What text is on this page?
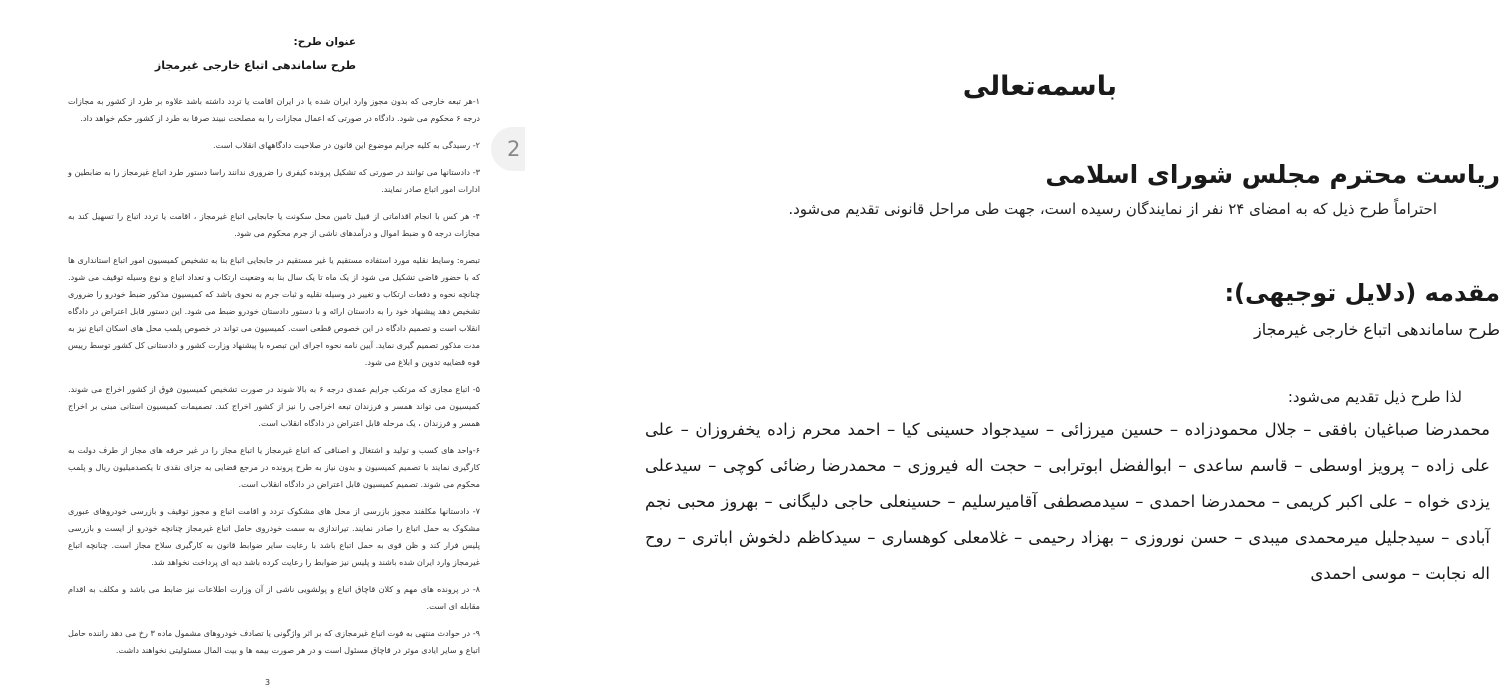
عنوان طرح:
طرح ساماندهی اتباع خارجی غیرمجاز

۱-هر تبعه خارجی که بدون مجوز وارد ایران شده یا در ایران اقامت یا تردد داشته باشد علاوه بر طرد از کشور به مجازات درجه ۶ محکوم می شود. دادگاه در صورتی که اعمال مجازات را به مصلحت نبیند صرفا به طرد از کشور حکم خواهد داد.

۲- رسیدگی به کلیه جرایم موضوع این قانون در صلاحیت دادگاههای انقلاب است.

۳- دادستانها می توانند در صورتی که تشکیل پرونده کیفری را ضروری ندانند راسا دستور طرد اتباع غیرمجاز را به ضابطین و ادارات امور اتباع صادر نمایند.

۴- هر کس با انجام اقداماتی از قبیل تامین محل سکونت یا جابجایی اتباع غیرمجاز ، اقامت یا تردد اتباع را تسهیل کند به مجازات درجه ۵ و ضبط اموال و درآمدهای ناشی از جرم محکوم می شود.

تبصره: وسایط نقلیه مورد استفاده مستقیم یا غیر مستقیم در جابجایی اتباع بنا به تشخیص کمیسیون امور اتباع استانداری ها که با حضور قاضی تشکیل می شود از یک ماه تا یک سال بنا به وضعیت ارتکاب و تعداد اتباع و نوع وسیله توقیف می شود. چنانچه نحوه و دفعات ارتکاب و تغییر در وسیله نقلیه و ثبات جرم به نحوی باشد که کمیسیون مذکور ضبط خودرو را ضروری تشخیص دهد پیشنهاد خود را به دادستان ارائه و با دستور دادستان خودرو ضبط می شود. این دستور قابل اعتراض در دادگاه انقلاب است و تصمیم دادگاه در این خصوص قطعی است. کمیسیون می تواند در خصوص پلمب محل های اسکان اتباع نیز به مدت مذکور تصمیم گیری نماید. آیین نامه نحوه اجرای این تبصره با پیشنهاد وزارت کشور و دادستانی کل کشور توسط رییس قوه قضاییه تدوین و ابلاغ می شود.

۵- اتباع مجازی که مرتکب جرایم عمدی درجه ۶ به بالا شوند در صورت تشخیص کمیسیون فوق از کشور اخراج می شوند. کمیسیون می تواند همسر و فرزندان تبعه اخراجی را نیز از کشور اخراج کند. تصمیمات کمیسیون استانی مبنی بر اخراج همسر و فرزندان ، یک مرحله قابل اعتراض در دادگاه انقلاب است.

۶-واحد های کسب و تولید و اشتغال و اصنافی که اتباع غیرمجاز یا اتباع مجاز را در غیر حرفه های مجاز از طرف دولت به کارگیری نمایند با تصمیم کمیسیون و بدون نیاز به طرح پرونده در مرجع قضایی به جزای نقدی تا یکصدمیلیون ریال و پلمب محکوم می شوند. تصمیم کمیسیون قابل اعتراض در دادگاه انقلاب است.

۷- دادستانها مکلفند مجوز بازرسی از محل های مشکوک تردد و اقامت اتباع و مجوز توقیف و بازرسی خودروهای عبوری مشکوک به حمل اتباع را صادر نمایند. تیراندازی به سمت خودروی حامل اتباع غیرمجاز چنانچه خودرو از ایست و بازرسی پلیس فرار کند و ظن قوی به حمل اتباع باشد با رعایت سایر ضوابط قانون به کارگیری سلاح مجاز است. چنانچه اتباع غیرمجاز وارد ایران شده باشند و پلیس نیز ضوابط را رعایت کرده باشد دیه ای پرداخت نخواهد شد.

۸- در پرونده های مهم و کلان قاچاق اتباع و پولشویی ناشی از آن وزارت اطلاعات نیز ضابط می باشد و مکلف به اقدام مقابله ای است.

۹- در حوادث منتهی به فوت اتباع غیرمجازی که بر اثر واژگونی یا تصادف خودروهای مشمول ماده ۳ رخ می دهد راننده حامل اتباع و سایر ایادی موثر در قاچاق مسئول است و در هر صورت بیمه ها و بیت المال مسئولیتی نخواهند داشت.

3
2
باسمه‌تعالی
ریاست محترم مجلس شورای اسلامی
احتراماً طرح ذیل که به امضای ۲۴ نفر از نمایندگان رسیده است، جهت طی مراحل قانونی تقدیم می‌شود.
مقدمه (دلایل توجیهی):
طرح ساماندهی اتباع خارجی غیرمجاز
لذا طرح ذیل تقدیم می‌شود:
محمدرضا صباغیان بافقی – جلال محمودزاده – حسین میرزائی – سیدجواد حسینی کیا – احمد محرم زاده یخفروزان – علی علی زاده – پرویز اوسطی – قاسم ساعدی – ابوالفضل ابوترابی – حجت اله فیروزی – محمدرضا رضائی کوچی – سیدعلی یزدی خواه – علی اکبر کریمی – محمدرضا احمدی – سیدمصطفی آقامیرسلیم – حسینعلی حاجی دلیگانی – بهروز محبی نجم آبادی – سیدجلیل میرمحمدی میبدی – حسن نوروزی – بهزاد رحیمی – غلامعلی کوهساری – سیدکاظم دلخوش اباتری – روح اله نجابت – موسی احمدی
